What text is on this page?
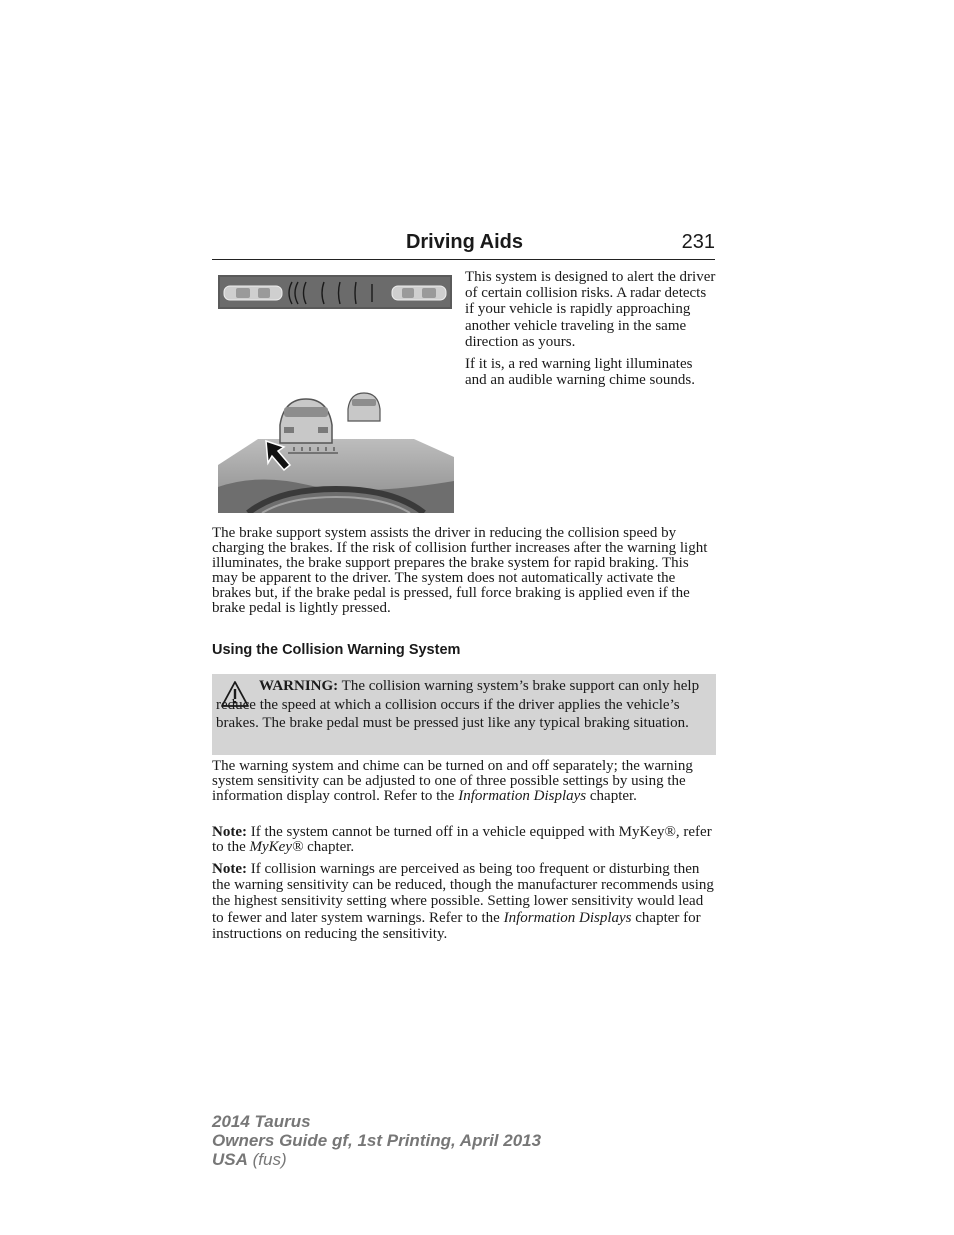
Driving Aids	231

This system is designed to alert the driver of certain collision risks. A radar detects if your vehicle is rapidly approaching another vehicle traveling in the same direction as yours.

If it is, a red warning light illuminates and an audible warning chime sounds.

The brake support system assists the driver in reducing the collision speed by charging the brakes. If the risk of collision further increases after the warning light illuminates, the brake support prepares the brake system for rapid braking. This may be apparent to the driver. The system does not automatically activate the brakes but, if the brake pedal is pressed, full force braking is applied even if the brake pedal is lightly pressed.
Using the Collision Warning System
WARNING: The collision warning system’s brake support can only help reduce the speed at which a collision occurs if the driver applies the vehicle’s brakes. The brake pedal must be pressed just like any typical braking situation.
The warning system and chime can be turned on and off separately; the warning system sensitivity can be adjusted to one of three possible settings by using the information display control. Refer to the Information Displays chapter.
Note: If the system cannot be turned off in a vehicle equipped with MyKey®, refer to the MyKey® chapter.
Note: If collision warnings are perceived as being too frequent or disturbing then the warning sensitivity can be reduced, though the manufacturer recommends using the highest sensitivity setting where possible. Setting lower sensitivity would lead to fewer and later system warnings. Refer to the Information Displays chapter for instructions on reducing the sensitivity.
2014 Taurus
Owners Guide gf, 1st Printing, April 2013
USA (fus)
